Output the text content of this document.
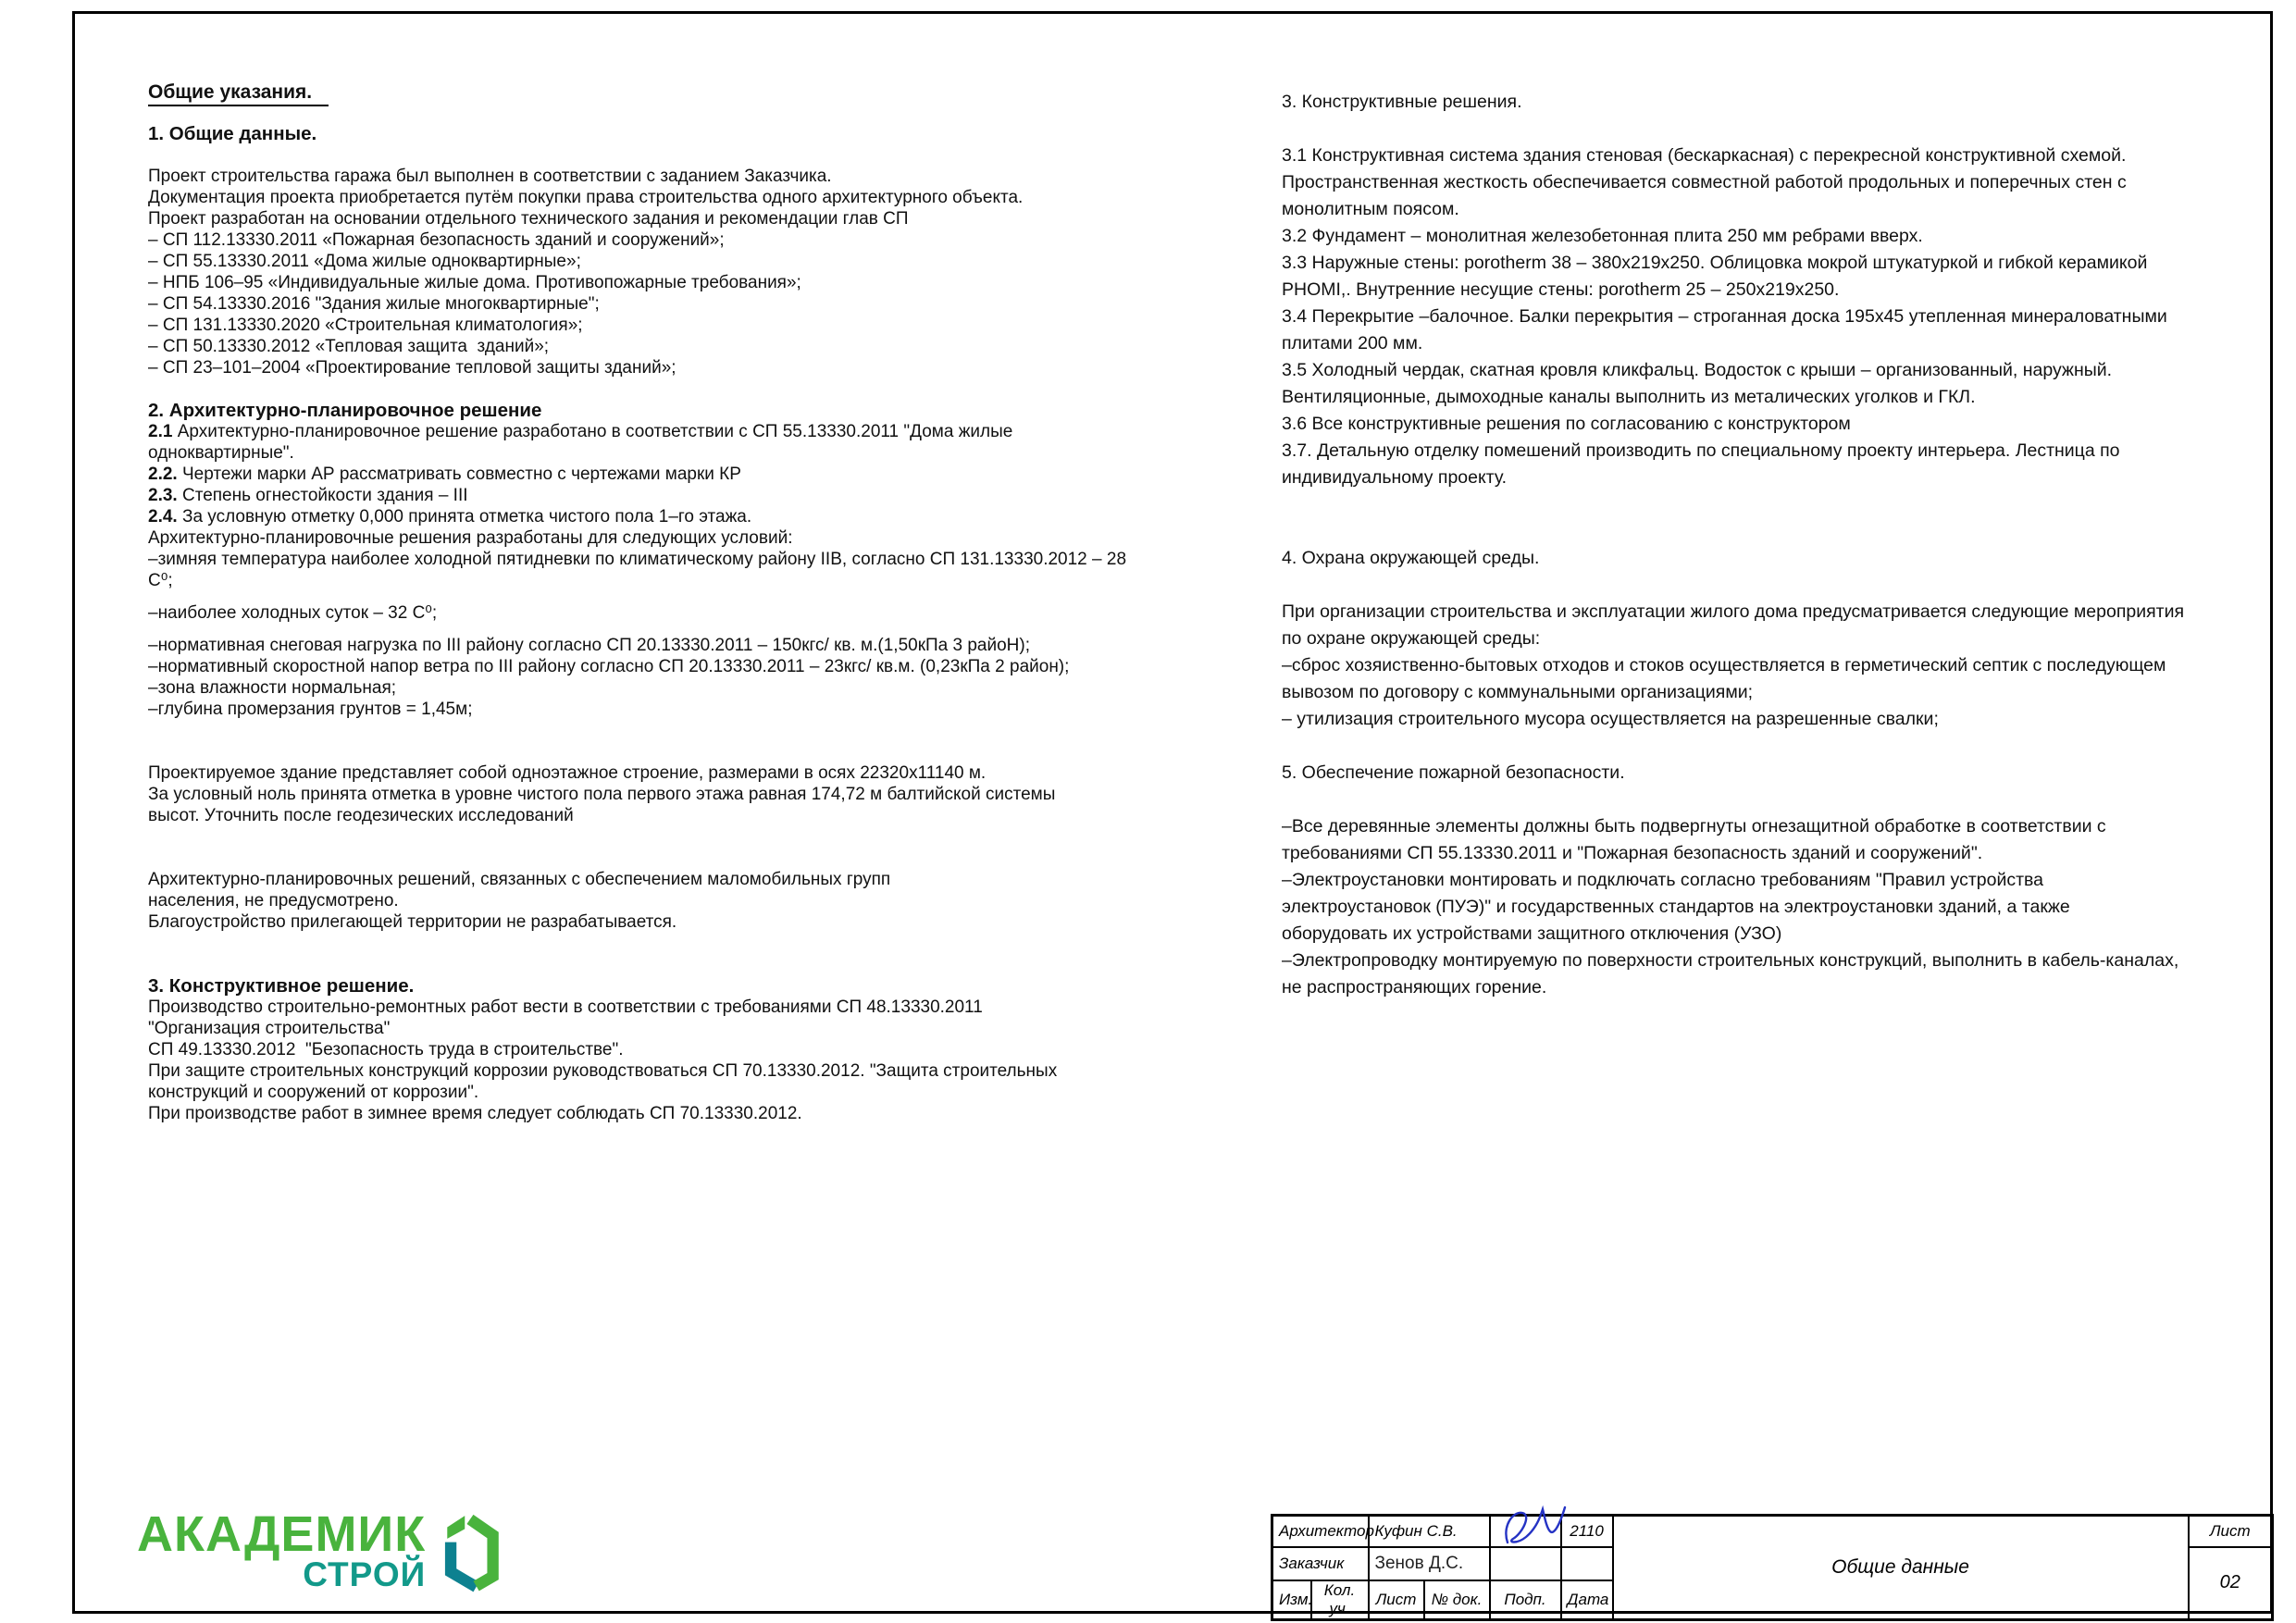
Общие указания.
1. Общие данные.
Проект строительства гаража был выполнен в соответствии с заданием Заказчика.
Документация проекта приобретается путём покупки права строительства одного архитектурного объекта.
Проект разработан на основании отдельного технического задания и рекомендации глав СП
– СП 112.13330.2011 «Пожарная безопасность зданий и сооружений»;
– СП 55.13330.2011 «Дома жилые одноквартирные»;
– НПБ 106–95 «Индивидуальные жилые дома. Противопожарные требования»;
– СП 54.13330.2016 "Здания жилые многоквартирные";
– СП 131.13330.2020 «Строительная климатология»;
– СП 50.13330.2012 «Тепловая защита  зданий»;
– СП 23–101–2004 «Проектирование тепловой защиты зданий»;
2. Архитектурно-планировочное решение
2.1 Архитектурно-планировочное решение разработано в соответствии с СП 55.13330.2011 "Дома жилые
одноквартирные".
2.2. Чертежи марки АР рассматривать совместно с чертежами марки КР
2.3. Степень огнестойкости здания – III
2.4. За условную отметку 0,000 принята отметка чистого пола 1–го этажа.
Архитектурно-планировочные решения разработаны для следующих условий:
–зимняя температура наиболее холодной пятидневки по климатическому району IIВ, согласно СП 131.13330.2012 – 28
С⁰;
–наиболее холодных суток – 32 С⁰;
–нормативная снеговая нагрузка по III району согласно СП 20.13330.2011 – 150кгс/ кв. м.(1,50кПа 3 райоН);
–нормативный скоростной напор ветра по III району согласно СП 20.13330.2011 – 23кгс/ кв.м. (0,23кПа 2 район);
–зона влажности нормальная;
–глубина промерзания грунтов = 1,45м;
Проектируемое здание представляет собой одноэтажное строение, размерами в осях 22320х11140 м.
За условный ноль принята отметка в уровне чистого пола первого этажа равная 174,72 м балтийской системы
высот. Уточнить после геодезических исследований
Архитектурно-планировочных решений, связанных с обеспечением маломобильных групп
населения, не предусмотрено.
Благоустройство прилегающей территории не разрабатывается.
3. Конструктивное решение.
Производство строительно-ремонтных работ вести в соответствии с требованиями СП 48.13330.2011
"Организация строительства"
СП 49.13330.2012  "Безопасность труда в строительстве".
При защите строительных конструкций коррозии руководствоваться СП 70.13330.2012. "Защита строительных
конструкций и сооружений от коррозии".
При производстве работ в зимнее время следует соблюдать СП 70.13330.2012.
3. Конструктивные решения.
3.1 Конструктивная система здания стеновая (бескаркасная) с перекресной конструктивной схемой.
Пространственная жесткость обеспечивается совместной работой продольных и поперечных стен с
монолитным поясом.
3.2 Фундамент – монолитная железобетонная плита 250 мм ребрами вверх.
3.3 Наружные стены: porotherm 38 – 380х219х250. Облицовка мокрой штукатуркой и гибкой керамикой
PHOMI,. Внутренние несущие стены: porotherm 25 – 250х219х250.
3.4 Перекрытие –балочное. Балки перекрытия – строганная доска 195х45 утепленная минераловатными
плитами 200 мм.
3.5 Холодный чердак, скатная кровля кликфальц. Водосток с крыши – организованный, наружный.
Вентиляционные, дымоходные каналы выполнить из металических уголков и ГКЛ.
3.6 Все конструктивные решения по согласованию с конструктором
3.7. Детальную отделку помешений производить по специальному проекту интерьера. Лестница по
индивидуальному проекту.
4. Охрана окружающей среды.
При организации строительства и эксплуатации жилого дома предусматривается следующие мероприятия
по охране окружающей среды:
–сброс хозяиственно-бытовых отходов и стоков осуществляется в герметический септик с последующем
вывозом по договору с коммунальными организациями;
– утилизация строительного мусора осуществляется на разрешенные свалки;
5. Обеспечение пожарной безопасности.
–Все деревянные элементы должны быть подвергнуты огнезащитной обработке в соответствии с
требованиями СП 55.13330.2011 и "Пожарная безопасность зданий и сооружений".
–Электроустановки монтировать и подключать согласно требованиям "Правил устройства
электроустановок (ПУЭ)" и государственных стандартов на электроустановки зданий, а также
оборудовать их устройствами защитного отключения (УЗО)
–Электропроводку монтируемую по поверхности строительных конструкций, выполнить в кабель-каналах,
не распространяющих горение.
АКАДЕМИК
СТРОЙ
Архитектор		Куфин С.В.			2110	Общие данные	Лист
Заказчик		Зенов Д.С.					02
Изм.	Кол. уч.	Лист	№ док.	Подп.	Дата		
